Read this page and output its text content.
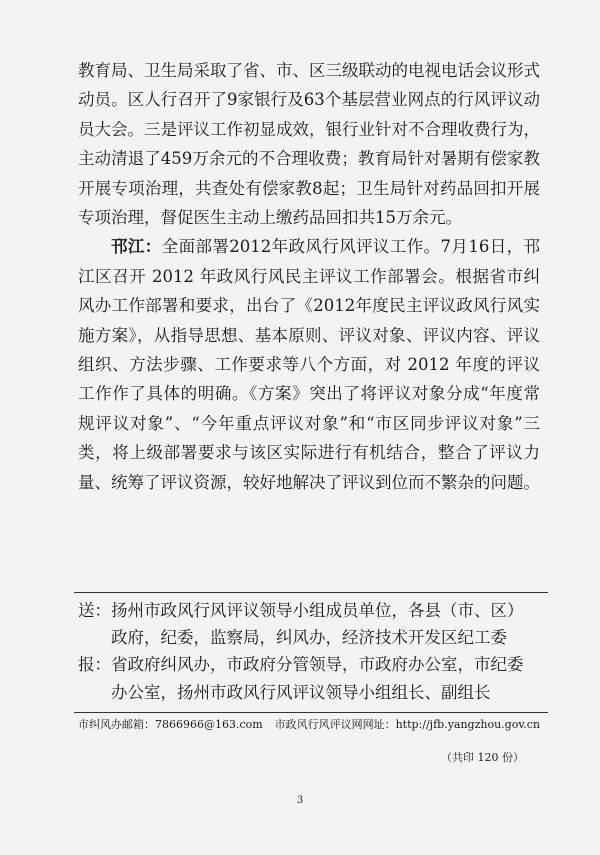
教育局、卫生局采取了省、市、区三级联动的电视电话会议形式动员。区人行召开了9家银行及63个基层营业网点的行风评议动员大会。三是评议工作初显成效，银行业针对不合理收费行为，主动清退了459万余元的不合理收费；教育局针对暑期有偿家教开展专项治理，共查处有偿家教8起；卫生局针对药品回扣开展专项治理，督促医生主动上缴药品回扣共15万余元。

邗江：全面部署2012年政风行风评议工作。7月16日，邗江区召开 2012 年政风行风民主评议工作部署会。根据省市纠风办工作部署和要求，出台了《2012年度民主评议政风行风实施方案》，从指导思想、基本原则、评议对象、评议内容、评议组织、方法步骤、工作要求等八个方面，对 2012 年度的评议工作作了具体的明确。《方案》突出了将评议对象分成“年度常规评议对象”、“今年重点评议对象”和“市区同步评议对象”三类，将上级部署要求与该区实际进行有机结合，整合了评议力量、统筹了评议资源，较好地解决了评议到位而不繁杂的问题。

送： 扬州市政风行风评议领导小组成员单位，各县（市、区）
政府，纪委，监察局，纠风办，经济技术开发区纪工委
报： 省政府纠风办，市政府分管领导，市政府办公室，市纪委
办公室，扬州市政风行风评议领导小组组长、副组长
市纠风办邮箱：7866966@163.com 市政风行风评议网网址：http://jfb.yangzhou.gov.cn
（共印 120 份）
3
